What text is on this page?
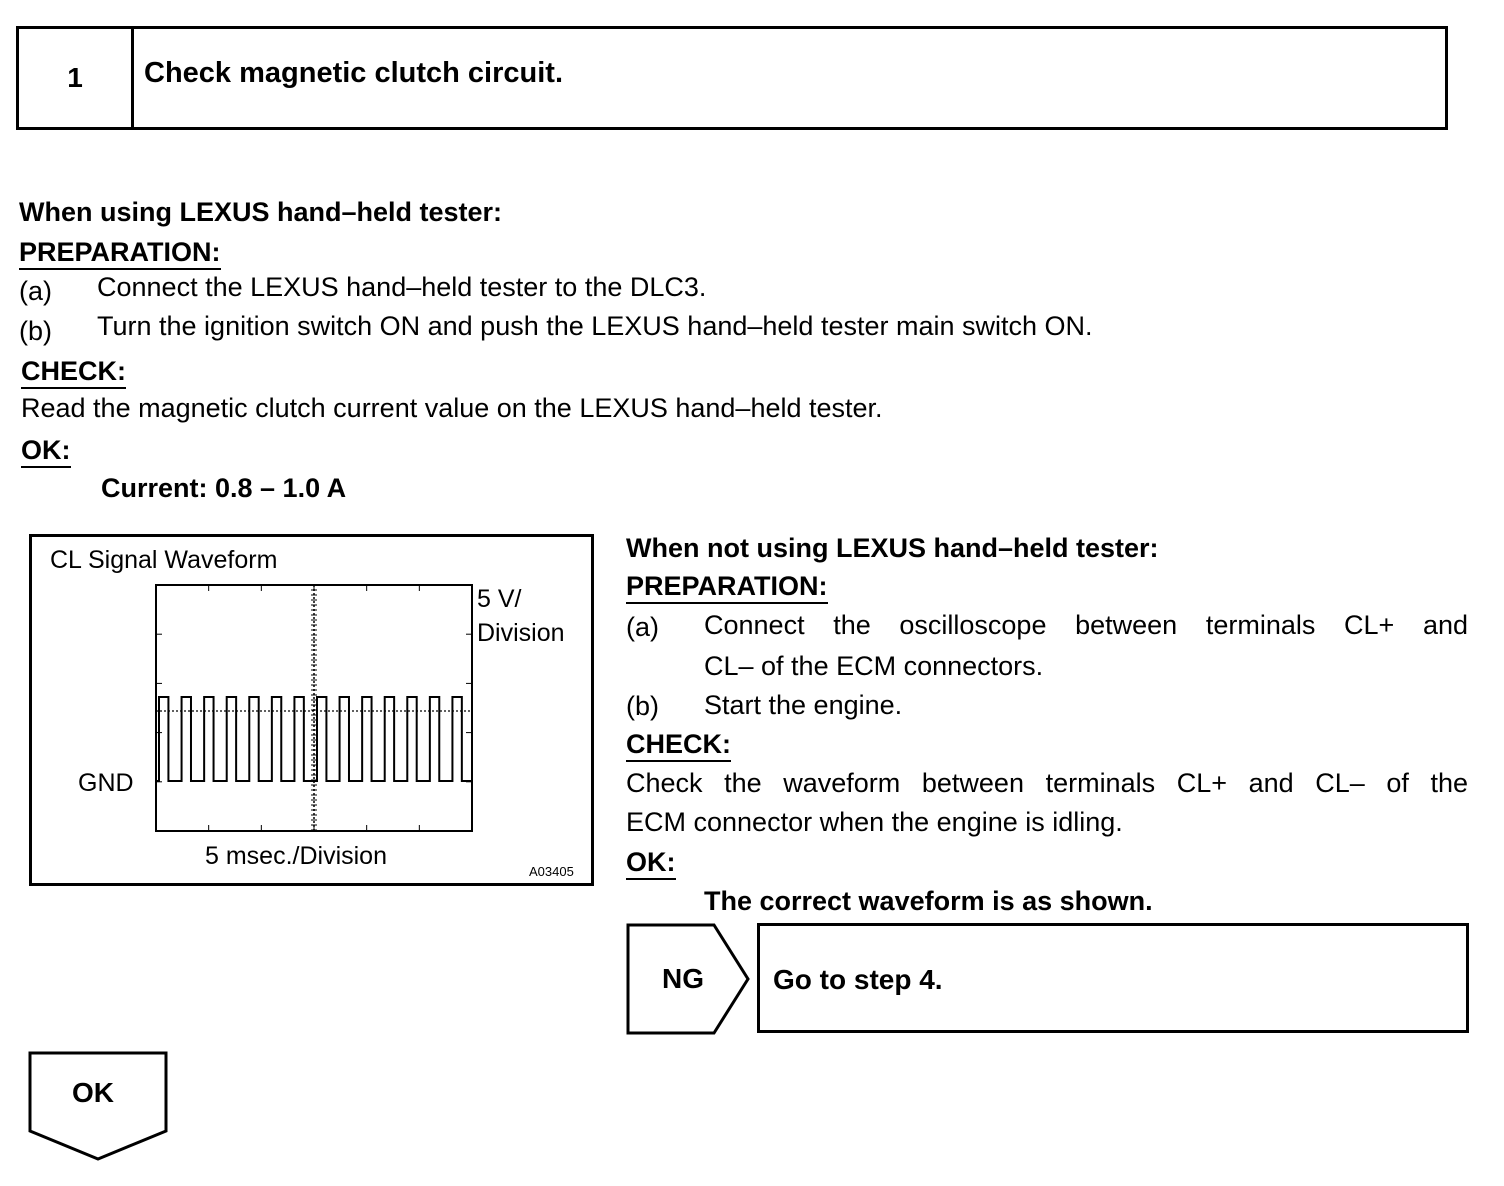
1	Check magnetic clutch circuit.
When using LEXUS hand–held tester:
PREPARATION:
(a) Connect the LEXUS hand–held tester to the DLC3.
(b) Turn the ignition switch ON and push the LEXUS hand–held tester main switch ON.
CHECK:
Read the magnetic clutch current value on the LEXUS hand–held tester.
OK:
Current: 0.8 – 1.0 A
CL Signal Waveform
5 V/
Division
GND
5 msec./Division
A03405
When not using LEXUS hand–held tester:
PREPARATION:
(a) Connect the oscilloscope between terminals CL+ and
CL– of the ECM connectors.
(b) Start the engine.
CHECK:
Check the waveform between terminals CL+ and CL– of the
ECM connector when the engine is idling.
OK:
The correct waveform is as shown.
NG Go to step 4.
OK
